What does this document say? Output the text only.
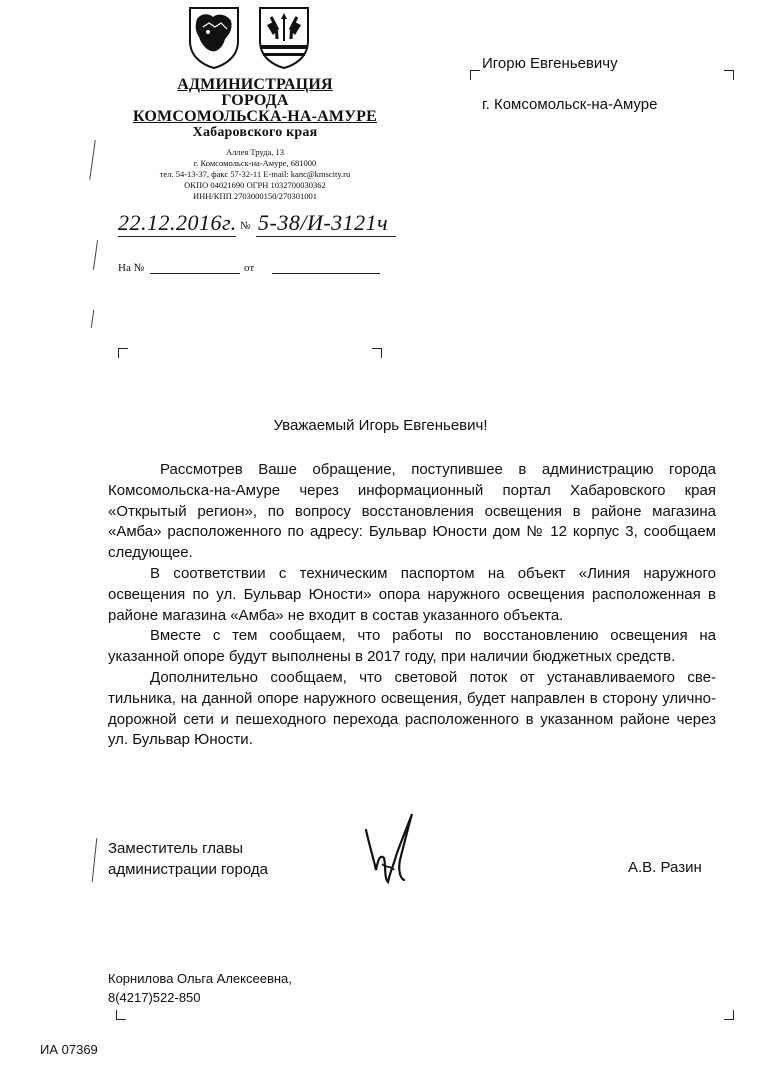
АДМИНИСТРАЦИЯ
ГОРОДА
КОМСОМОЛЬСКА-НА-АМУРЕ
Хабаровского края
Аллея Труда, 13
г. Комсомольск-на-Амуре, 681000
тел. 54-13-37, факс 57-32-11 E-mail: kanc@kmscity.ru
ОКПО 04021690 ОГРН 1032700030362
ИНН/КПП 2703000150/270301001
22.12.2016г. № 5-38/И-3121ч
На №	от
Игорю Евгеньевичу
г. Комсомольск-на-Амуре
Уважаемый Игорь Евгеньевич!

Рассмотрев Ваше обращение, поступившее в администрацию города Комсомольска-на-Амуре через информационный портал Хабаровского края «Открытый регион», по вопросу восстановления освещения в районе магазина «Амба» расположенного по адресу: Бульвар Юности дом № 12 корпус 3, сообщаем следующее.

В соответствии с техническим паспортом на объект «Линия наружного освещения по ул. Бульвар Юности» опора наружного освещения расположенная в районе магазина «Амба» не входит в состав указанного объекта.

Вместе с тем сообщаем, что работы по восстановлению освещения на указанной опоре будут выполнены в 2017 году, при наличии бюджетных средств.

Дополнительно сообщаем, что световой поток от устанавливаемого светильника, на данной опоре наружного освещения, будет направлен в сторону улично-дорожной сети и пешеходного перехода расположенного в указанном районе через ул. Бульвар Юности.

Заместитель главы
администрации города	А.В. Разин
Корнилова Ольга Алексеевна,
8(4217)522-850
ИА 07369
